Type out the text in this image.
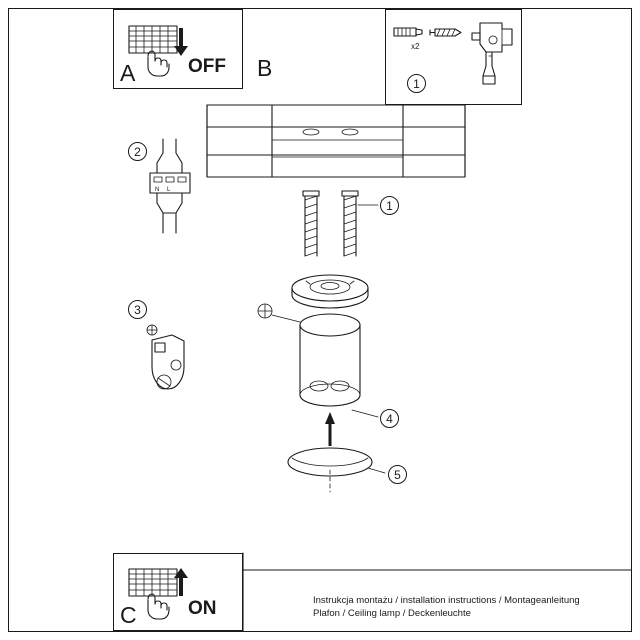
A	OFF B
1
x2
2
N L
3
1
4
5
C	ON	Instrukcja montażu / installation instructions / Montageanleitung
Plafon / Ceiling lamp / Deckenleuchte
